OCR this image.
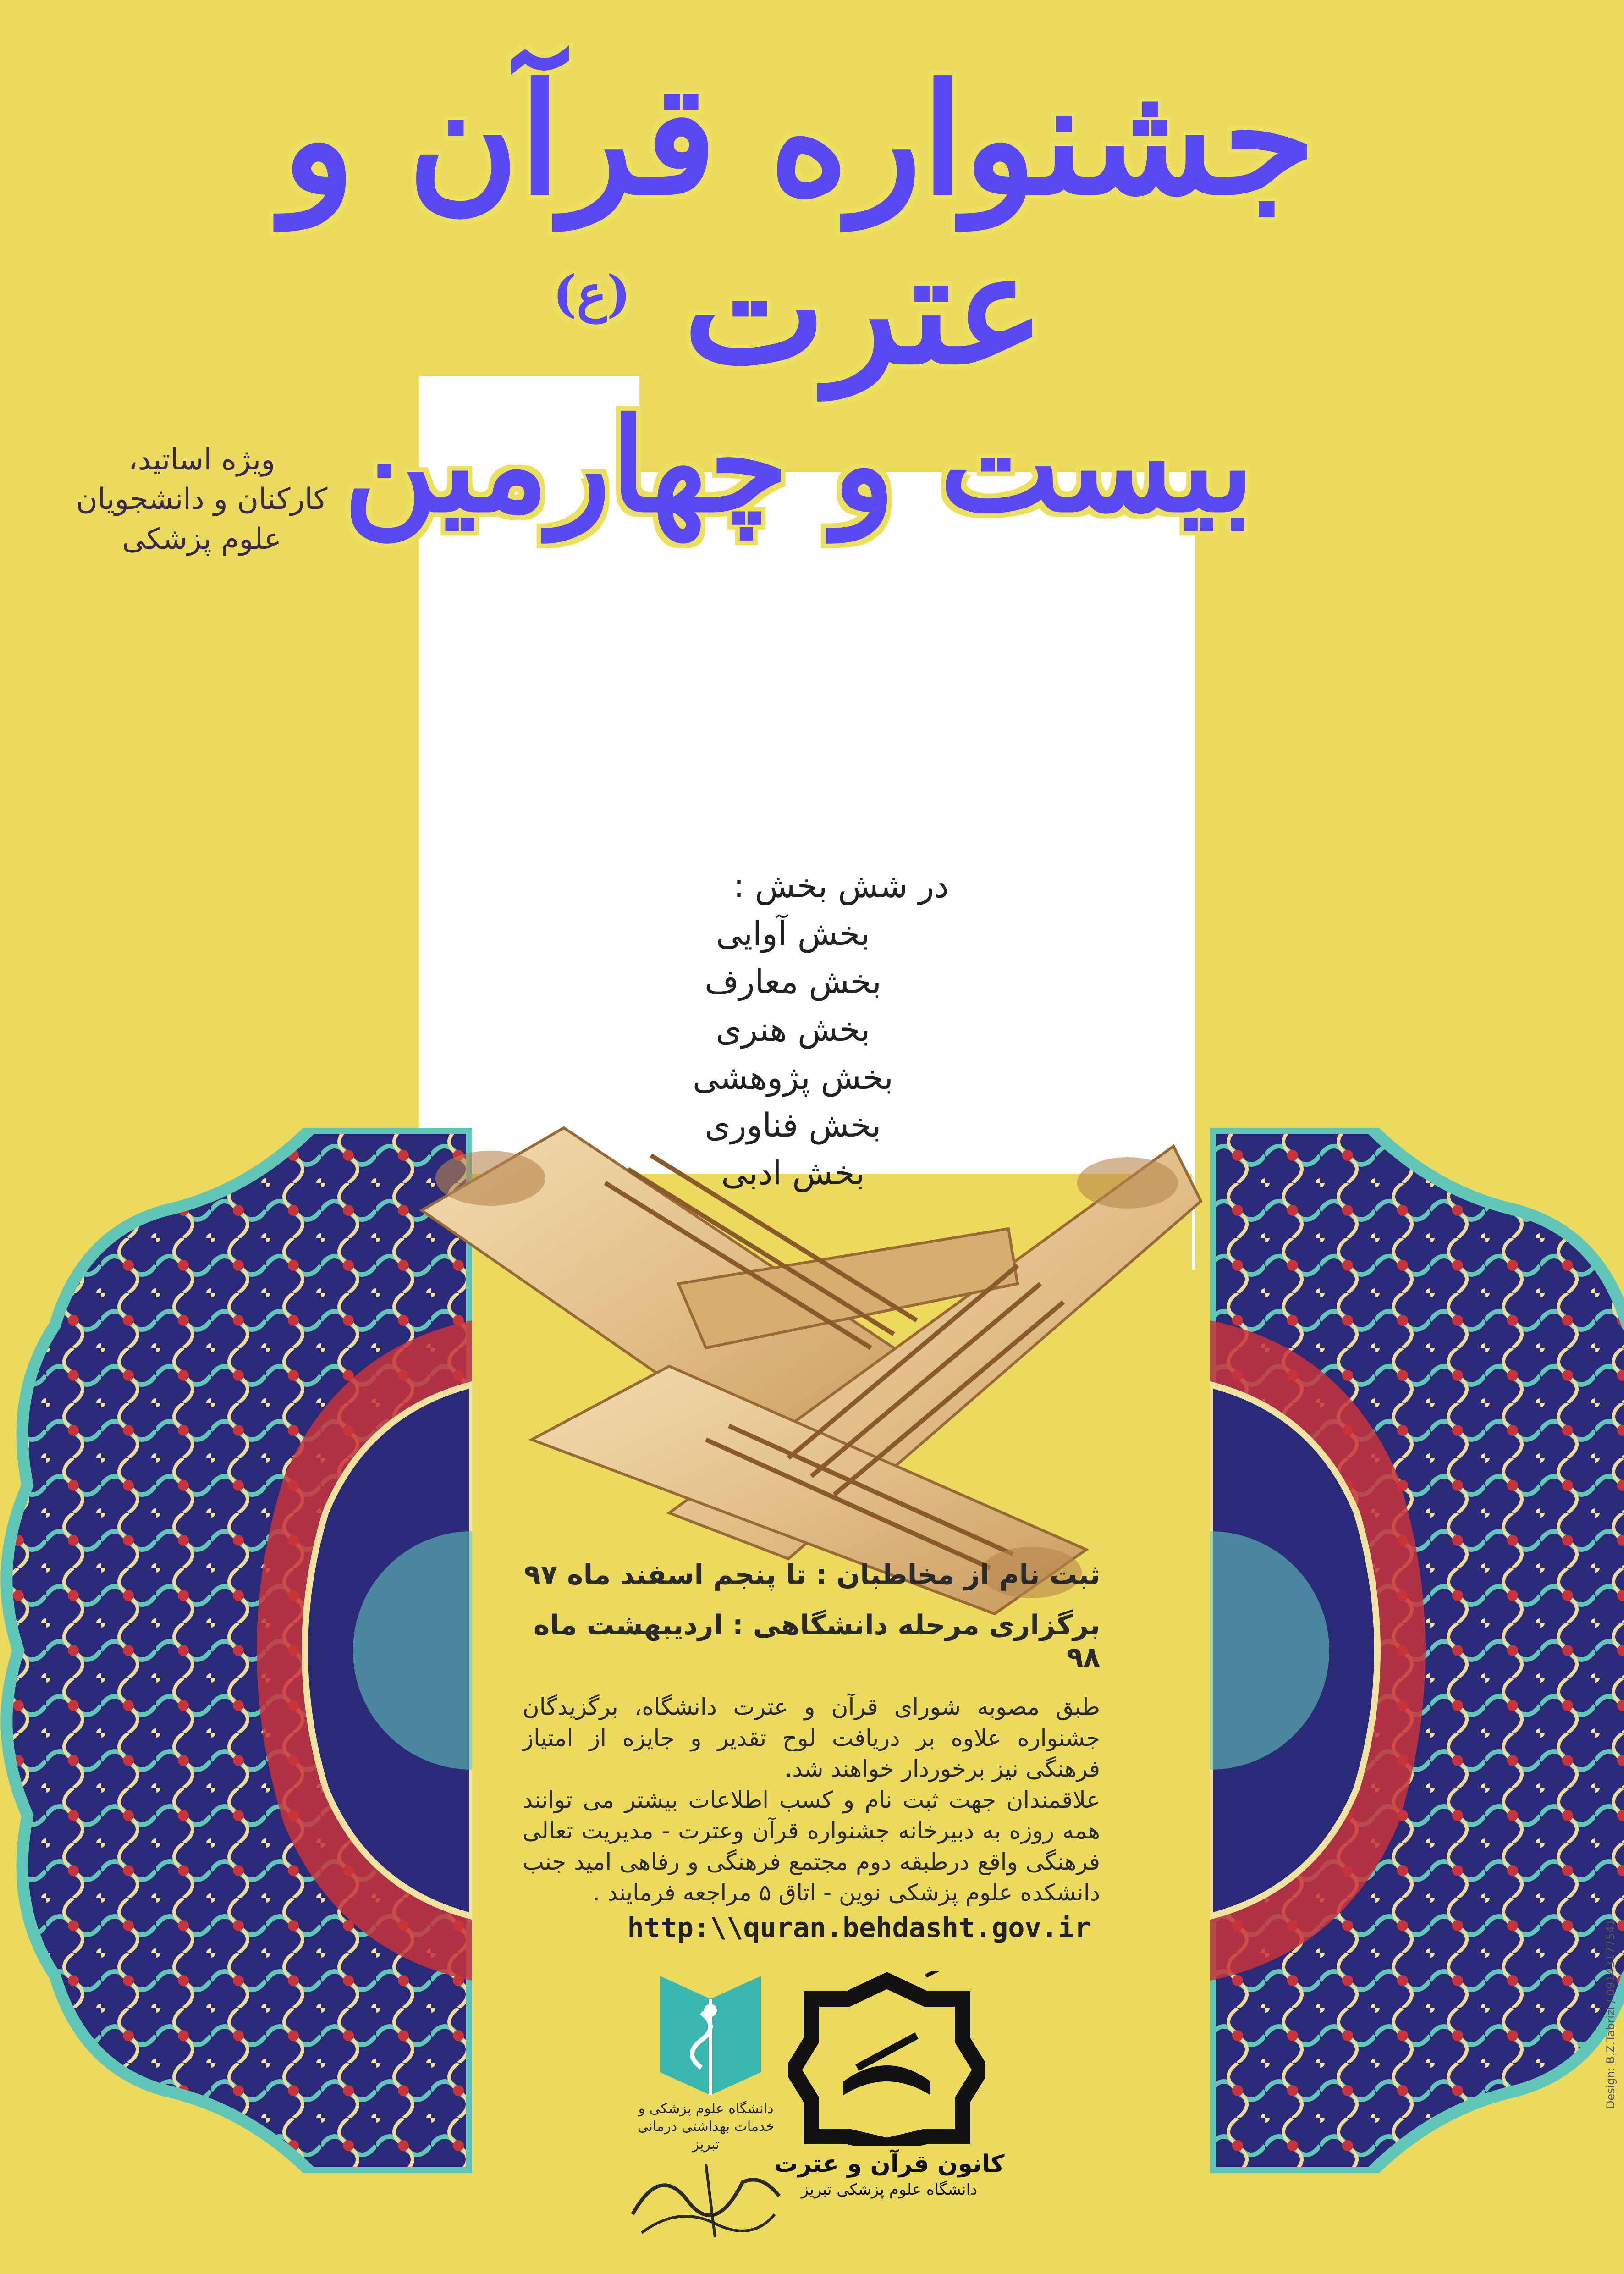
جشنواره قرآن و عترت $^{(ع)}$
بیست و چهارمین
ویژه اساتید،
کارکنان و دانشجویان
علوم پزشکی
در شش بخش :
بخش آوایی
بخش معارف
بخش هنری
بخش پژوهشی
بخش فناوری
بخش ادبی

ثبت نام از مخاطبان : تا پنجم اسفند ماه ۹۷

برگزاری مرحله دانشگاهی : اردیبهشت ماه ۹۸

طبق مصوبه شورای قرآن و عترت دانشگاه، برگزیدگان جشنواره علاوه بر دریافت لوح تقدیر و جایزه از امتیاز فرهنگی نیز برخوردار خواهند شد.

علاقمندان جهت ثبت نام و کسب اطلاعات بیشتر می توانند همه روزه به دبیرخانه جشنواره قرآن وعترت - مدیریت تعالی فرهنگی واقع درطبقه دوم مجتمع فرهنگی و رفاهی امید جنب دانشکده علوم پزشکی نوین - اتاق ۵ مراجعه فرمایند .

http:\\quran.behdasht.gov.ir
دانشگاه علوم پزشکی و خدمات بهداشتی درمانی تبریز
کانون قرآن و عترت
دانشگاه علوم پزشکی تبریز
Design: B.Z.Tabrizi / 09143177541
